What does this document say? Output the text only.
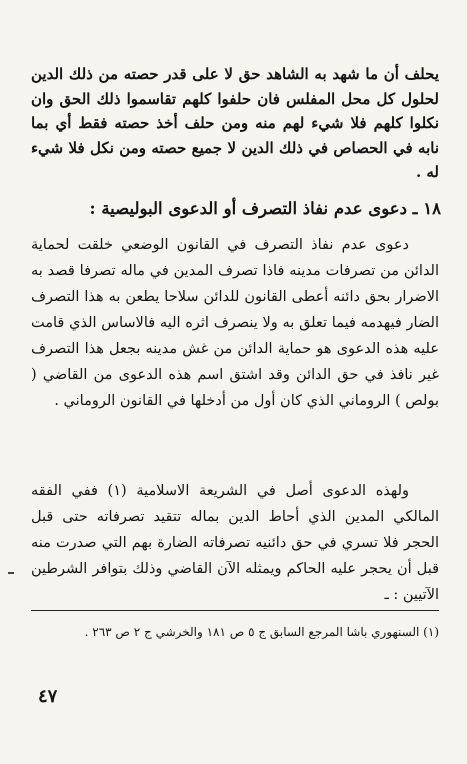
يحلف أن ما شهد به الشاهد حق لا على قدر حصته من ذلك الدين لحلول كل محل المفلس فان حلفوا كلهم تقاسموا ذلك الحق وان نكلوا كلهم فلا شيء لهم منه ومن حلف أخذ حصته فقط أي بما نابه في الحصاص في ذلك الدين لا جميع حصته ومن نكل فلا شيء له .
١٨ ـ دعوى عدم نفاذ التصرف أو الدعوى البوليصية :
دعوى عدم نفاذ التصرف في القانون الوضعي خلقت لحماية الدائن من تصرفات مدينه فاذا تصرف المدين في ماله تصرفا قصد به الاضرار بحق دائنه أعطى القانون للدائن سلاحا يطعن به هذا التصرف الضار فيهدمه فيما تعلق به ولا ينصرف اثره اليه فالاساس الذي قامت عليه هذه الدعوى هو حماية الدائن من غش مدينه بجعل هذا التصرف غير نافذ في حق الدائن وقد اشتق اسم هذه الدعوى من القاضي ( بولص ) الروماني الذي كان أول من أدخلها في القانون الروماني .
ولهذه الدعوى أصل في الشريعة الاسلامية (١) ففي الفقه المالكي المدين الذي أحاط الدين بماله تتقيد تصرفاته حتى قبل الحجر فلا تسري في حق دائنيه تصرفاته الضارة بهم التي صدرت منه قبل أن يحجر عليه الحاكم ويمثله الآن القاضي وذلك بتوافر الشرطين الآتيين : ـ
(١) السنهوري باشا المرجع السابق ج ٥ ص ١٨١ والخرشي ج ٢ ص ٢٦٣ .
٤٧
